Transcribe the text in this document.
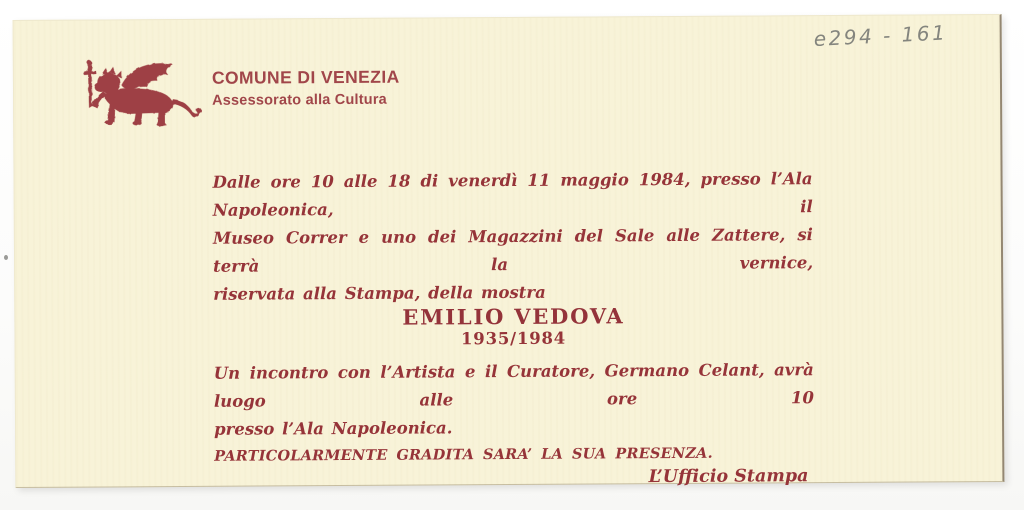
e294 - 161
COMUNE DI VENEZIA
Assessorato alla Cultura
Dalle ore 10 alle 18 di venerdì 11 maggio 1984, presso l’Ala Napoleonica, il
Museo Correr e uno dei Magazzini del Sale alle Zattere, si terrà la vernice,
riservata alla Stampa, della mostra
EMILIO VEDOVA
1935/1984
Un incontro con l’Artista e il Curatore, Germano Celant, avrà luogo alle ore 10
presso l’Ala Napoleonica.
PARTICOLARMENTE GRADITA SARA’ LA SUA PRESENZA.
L’Ufficio Stampa
